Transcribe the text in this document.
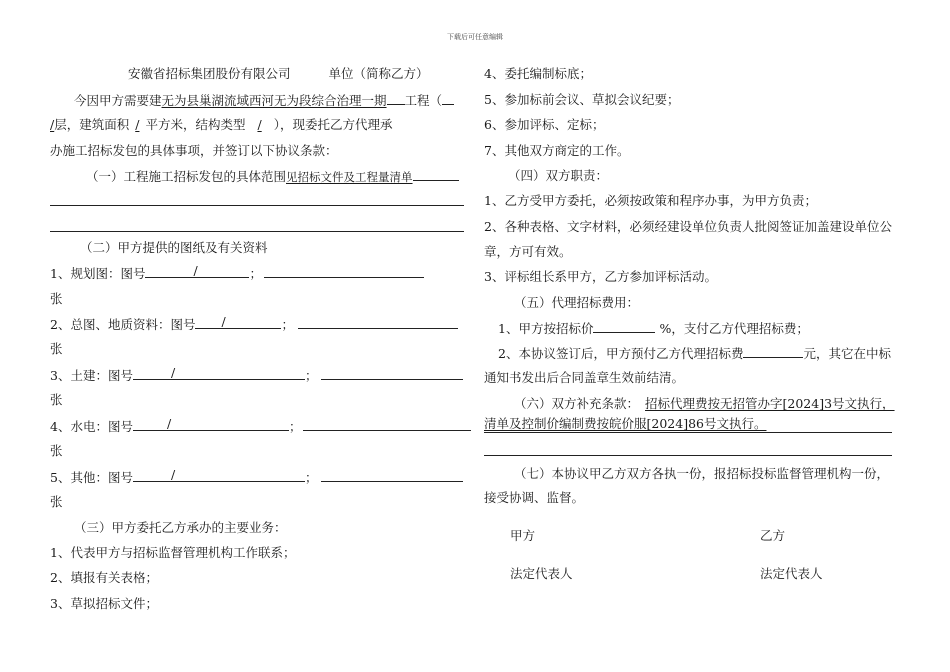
下载后可任意编辑
安徽省招标集团股份有限公司	单位（简称乙方）
今因甲方需要建无为县巢湖流域西河无为段综合治理一期 工程（
/层，建筑面积 / 平方米，结构类型 / ），现委托乙方代理承
办施工招标发包的具体事项，并签订以下协议条款：
（一）工程施工招标发包的具体范围见招标文件及工程量清单
（二）甲方提供的图纸及有关资料
1、规划图：图号	/	；
张
2、总图、地质资料：图号 /	；
张
3、土建：图号	/	；
张
4、水电：图号	/	；
张
5、其他：图号	/	；
张
（三）甲方委托乙方承办的主要业务：
1、代表甲方与招标监督管理机构工作联系；
2、填报有关表格；
3、草拟招标文件；
4、委托编制标底；
5、参加标前会议、草拟会议纪要；
6、参加评标、定标；
7、其他双方商定的工作。
（四）双方职责：
1、乙方受甲方委托，必须按政策和程序办事，为甲方负责；
2、各种表格、文字材料，必须经建设单位负责人批阅签证加盖建设单位公
章，方可有效。
3、评标组长系甲方，乙方参加评标活动。
（五）代理招标费用：
1、甲方按招标价	%，支付乙方代理招标费；
2、本协议签订后，甲方预付乙方代理招标费	元，其它在中标
通知书发出后合同盖章生效前结清。
（六）双方补充条款： 招标代理费按无招管办字[2024]3号文执行，
清单及控制价编制费按皖价服[2024]86号文执行。
（七）本协议甲乙方双方各执一份，报招标投标监督管理机构一份，
接受协调、监督。
甲方	乙方
法定代表人	法定代表人
